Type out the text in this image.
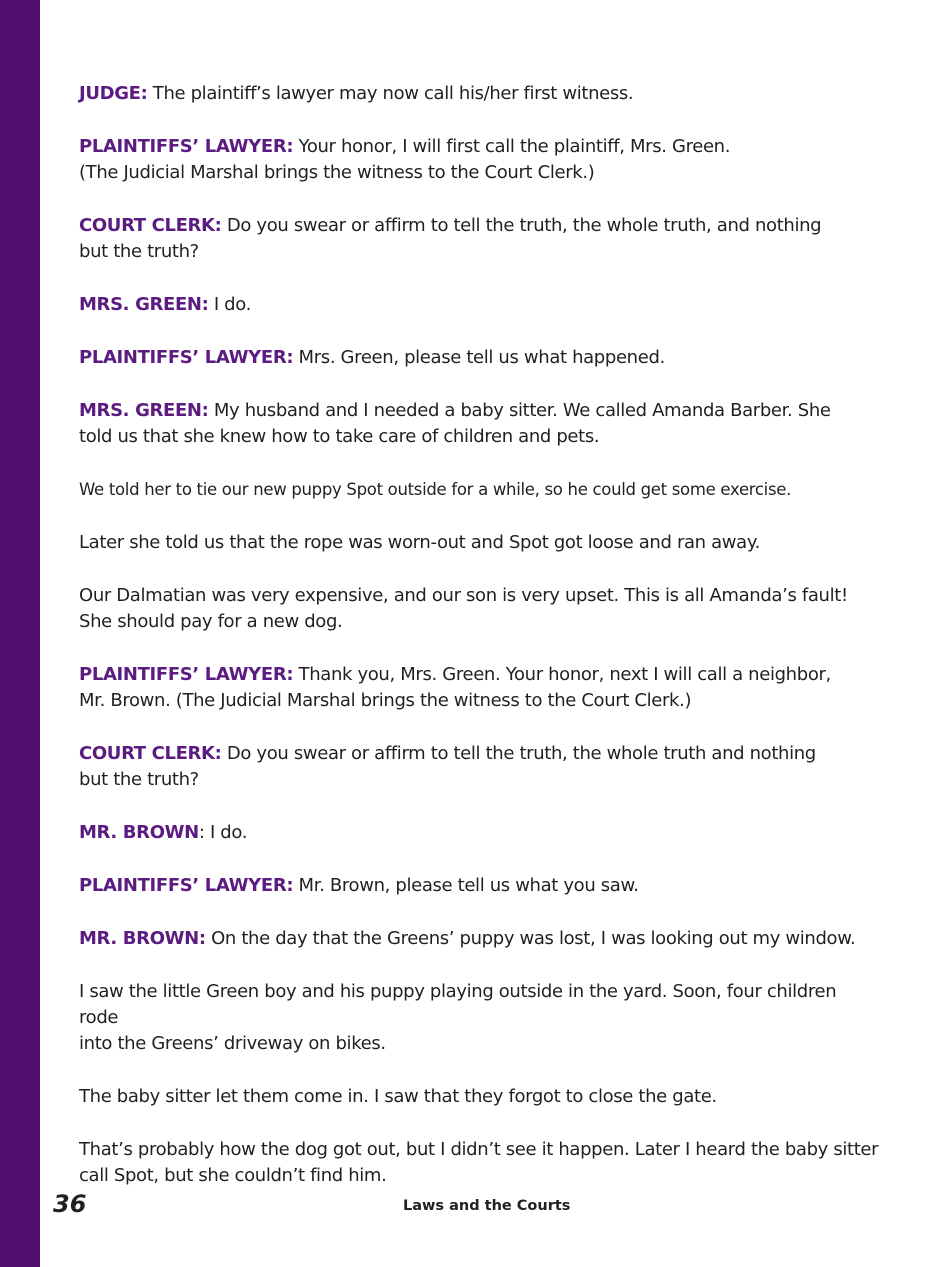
JUDGE: The plaintiff’s lawyer may now call his/her first witness.

PLAINTIFFS’ LAWYER: Your honor, I will first call the plaintiff, Mrs. Green.
(The Judicial Marshal brings the witness to the Court Clerk.)

COURT CLERK: Do you swear or affirm to tell the truth, the whole truth, and nothing
but the truth?

MRS. GREEN: I do.

PLAINTIFFS’ LAWYER: Mrs. Green, please tell us what happened.

MRS. GREEN: My husband and I needed a baby sitter. We called Amanda Barber. She
told us that she knew how to take care of children and pets.

We told her to tie our new puppy Spot outside for a while, so he could get some exercise.

Later she told us that the rope was worn-out and Spot got loose and ran away.

Our Dalmatian was very expensive, and our son is very upset. This is all Amanda’s fault!
She should pay for a new dog.

PLAINTIFFS’ LAWYER: Thank you, Mrs. Green. Your honor, next I will call a neighbor,
Mr. Brown. (The Judicial Marshal brings the witness to the Court Clerk.)

COURT CLERK: Do you swear or affirm to tell the truth, the whole truth and nothing
but the truth?

MR. BROWN: I do.

PLAINTIFFS’ LAWYER: Mr. Brown, please tell us what you saw.

MR. BROWN: On the day that the Greens’ puppy was lost, I was looking out my window.

I saw the little Green boy and his puppy playing outside in the yard. Soon, four children rode
into the Greens’ driveway on bikes.

The baby sitter let them come in. I saw that they forgot to close the gate.

That’s probably how the dog got out, but I didn’t see it happen. Later I heard the baby sitter
call Spot, but she couldn’t find him.

36	Laws and the Courts
